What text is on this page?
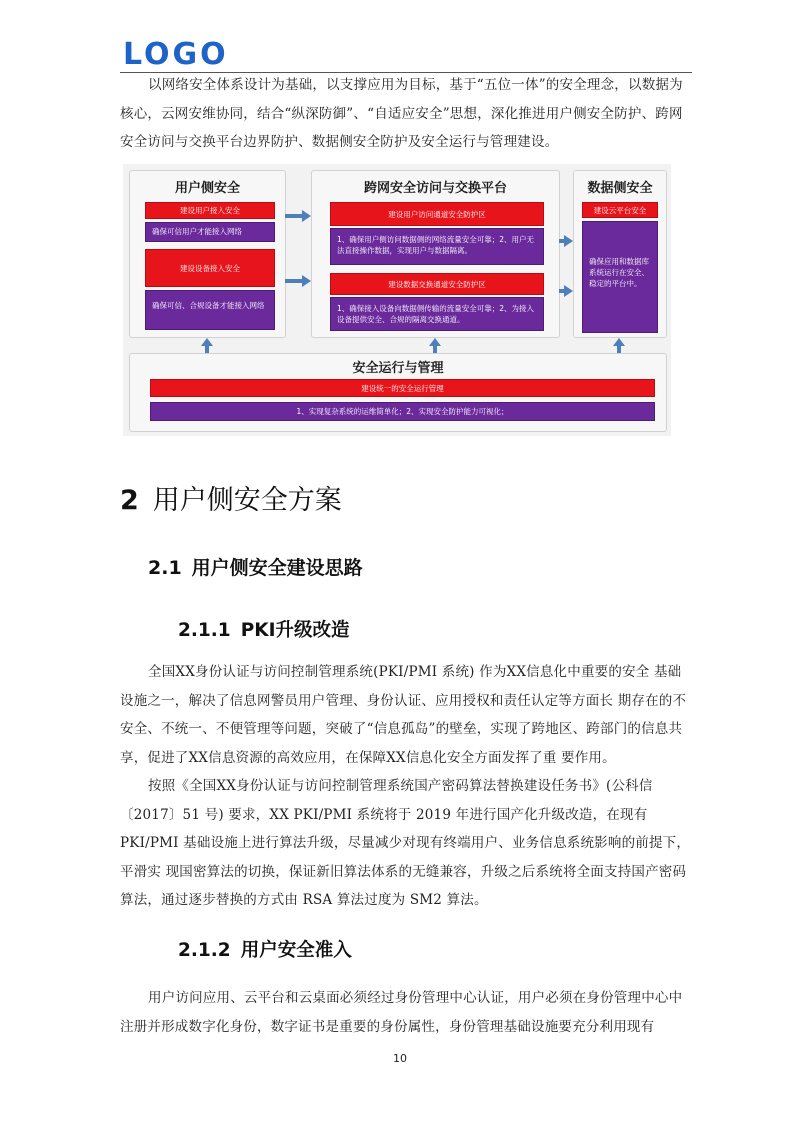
LOGO

以网络安全体系设计为基础，以支撑应用为目标，基于“五位一体”的安全理念，以数据为核心，云网安维协同，结合“纵深防御”、“自适应安全”思想，深化推进用户侧安全防护、跨网安全访问与交换平台边界防护、数据侧安全防护及安全运行与管理建设。

用户侧安全
建设用户接入安全
确保可信用户才能接入网络
建设设备接入安全
确保可信、合规设备才能接入网络
跨网安全访问与交换平台
建设用户访问通道安全防护区
1、确保用户侧访问数据侧的网络流量安全可靠；2、用户无法直接操作数据，实现用户与数据隔离。
建设数据交换通道安全防护区
1、确保接入设备向数据侧传输的流量安全可靠；2、为接入设备提供安全、合规的隔离交换通道。
数据侧安全
建设云平台安全
确保应用和数据库系统运行在安全、稳定的平台中。
安全运行与管理
建设统一的安全运行管理
1、实现复杂系统的运维简单化；2、实现安全防护能力可视化；
2 用户侧安全方案
2.1 用户侧安全建设思路
2.1.1 PKI升级改造

全国XX身份认证与访问控制管理系统(PKI/PMI 系统) 作为XX信息化中重要的安全 基础设施之一，解决了信息网警员用户管理、身份认证、应用授权和责任认定等方面长 期存在的不安全、不统一、不便管理等问题，突破了“信息孤岛”的壁垒，实现了跨地区、跨部门的信息共享，促进了XX信息资源的高效应用，在保障XX信息化安全方面发挥了重 要作用。

按照《全国XX身份认证与访问控制管理系统国产密码算法替换建设任务书》(公科信〔2017〕51 号) 要求，XX PKI/PMI 系统将于 2019 年进行国产化升级改造，在现有PKI/PMI 基础设施上进行算法升级，尽量减少对现有终端用户、业务信息系统影响的前提下，平滑实 现国密算法的切换，保证新旧算法体系的无缝兼容，升级之后系统将全面支持国产密码算法，通过逐步替换的方式由 RSA 算法过度为 SM2 算法。

2.1.2 用户安全准入

用户访问应用、云平台和云桌面必须经过身份管理中心认证，用户必须在身份管理中心中注册并形成数字化身份，数字证书是重要的身份属性，身份管理基础设施要充分利用现有

10
